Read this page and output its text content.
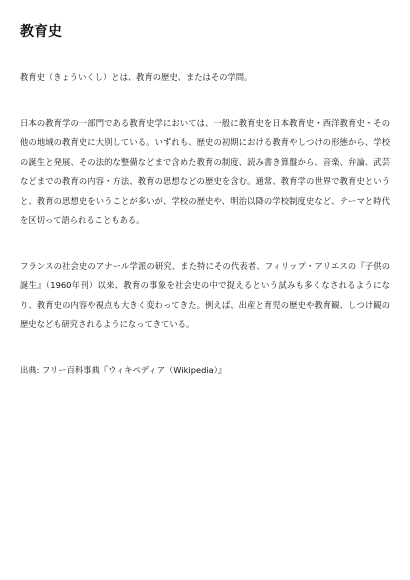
教育史

教育史（きょういくし）とは、教育の歴史、またはその学問。

日本の教育学の一部門である教育史学においては、一般に教育史を日本教育史・西洋教育史・その他の地域の教育史に大別している。いずれも、歴史の初期における教育やしつけの形態から、学校の誕生と発展、その法的な整備などまで含めた教育の制度、読み書き算盤から、音楽、弁論、武芸などまでの教育の内容・方法、教育の思想などの歴史を含む。通常、教育学の世界で教育史というと、教育の思想史をいうことが多いが、学校の歴史や、明治以降の学校制度史など、テーマと時代を区切って語られることもある。

フランスの社会史のアナール学派の研究、また特にその代表者、フィリップ・アリエスの『子供の誕生』（1960年刊）以来、教育の事象を社会史の中で捉えるという試みも多くなされるようになり、教育史の内容や視点も大きく変わってきた。例えば、出産と育児の歴史や教育観、しつけ観の歴史なども研究されるようになってきている。

出典: フリー百科事典『ウィキペディア（Wikipedia）』
